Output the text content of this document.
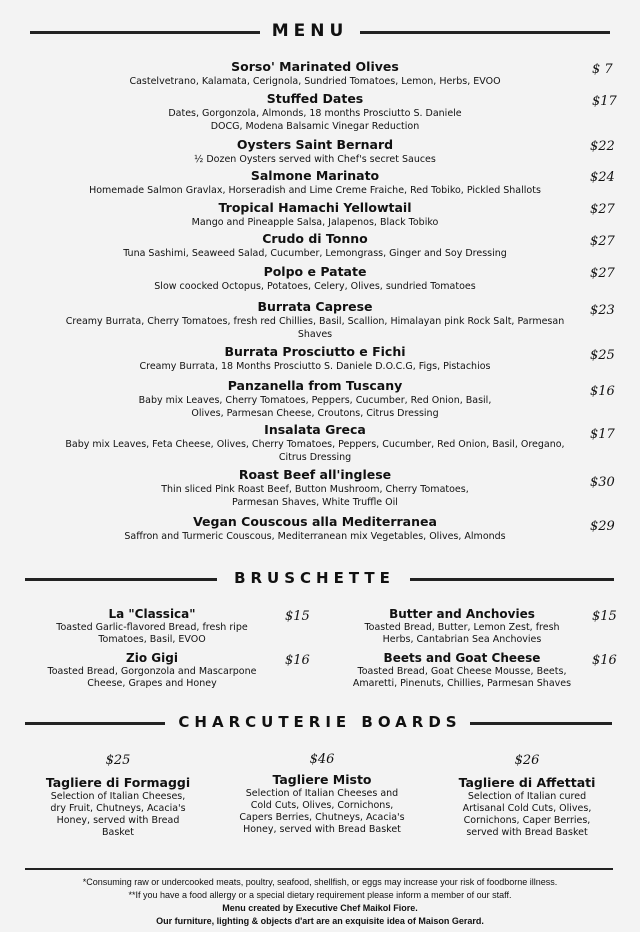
MENU
Sorso' Marinated Olives
Castelvetrano, Kalamata, Cerignola, Sundried Tomatoes, Lemon, Herbs, EVOO
$ 7
Stuffed Dates
Dates, Gorgonzola, Almonds, 18 months Prosciutto S. Daniele DOCG, Modena Balsamic Vinegar Reduction
$17
Oysters Saint Bernard
½ Dozen Oysters served with Chef's secret Sauces
$22
Salmone Marinato
Homemade Salmon Gravlax, Horseradish and Lime Creme Fraiche, Red Tobiko, Pickled Shallots
$24
Tropical Hamachi Yellowtail
Mango and Pineapple Salsa, Jalapenos, Black Tobiko
$27
Crudo di Tonno
Tuna Sashimi, Seaweed Salad, Cucumber, Lemongrass, Ginger and Soy Dressing
$27
Polpo e Patate
Slow coocked Octopus, Potatoes, Celery, Olives, sundried Tomatoes
$27
Burrata Caprese
Creamy Burrata, Cherry Tomatoes, fresh red Chillies, Basil, Scallion, Himalayan pink Rock Salt, Parmesan Shaves
$23
Burrata Prosciutto e Fichi
Creamy Burrata, 18 Months Prosciutto S. Daniele D.O.C.G, Figs, Pistachios
$25
Panzanella from Tuscany
Baby mix Leaves, Cherry Tomatoes, Peppers, Cucumber, Red Onion, Basil, Olives, Parmesan Cheese, Croutons, Citrus Dressing
$16
Insalata Greca
Baby mix Leaves, Feta Cheese, Olives, Cherry Tomatoes, Peppers, Cucumber, Red Onion, Basil, Oregano, Citrus Dressing
$17
Roast Beef all'inglese
Thin sliced Pink Roast Beef, Button Mushroom, Cherry Tomatoes, Parmesan Shaves, White Truffle Oil
$30
Vegan Couscous alla Mediterranea
Saffron and Turmeric Couscous, Mediterranean mix Vegetables, Olives, Almonds
$29
BRUSCHETTE
La "Classica"
Toasted Garlic-flavored Bread, fresh ripe Tomatoes, Basil, EVOO
$15	Butter and Anchovies
Toasted Bread, Butter, Lemon Zest, fresh Herbs, Cantabrian Sea Anchovies
$15
Zio Gigi
Toasted Bread, Gorgonzola and Mascarpone Cheese, Grapes and Honey
$16	Beets and Goat Cheese
Toasted Bread, Goat Cheese Mousse, Beets, Amaretti, Pinenuts, Chillies, Parmesan Shaves
$16
CHARCUTERIE BOARDS
$25
Tagliere di Formaggi
Selection of Italian Cheeses, dry Fruit, Chutneys, Acacia's Honey, served with Bread Basket
$46
Tagliere Misto
Selection of Italian Cheeses and Cold Cuts, Olives, Cornichons, Capers Berries, Chutneys, Acacia's Honey, served with Bread Basket
$26
Tagliere di Affettati
Selection of Italian cured Artisanal Cold Cuts, Olives, Cornichons, Caper Berries, served with Bread Basket
*Consuming raw or undercooked meats, poultry, seafood, shellfish, or eggs may increase your risk of foodborne illness.
**If you have a food allergy or a special dietary requirement please inform a member of our staff.
Menu created by Executive Chef Maikol Fiore.
Our furniture, lighting & objects d'art are an exquisite idea of Maison Gerard.
